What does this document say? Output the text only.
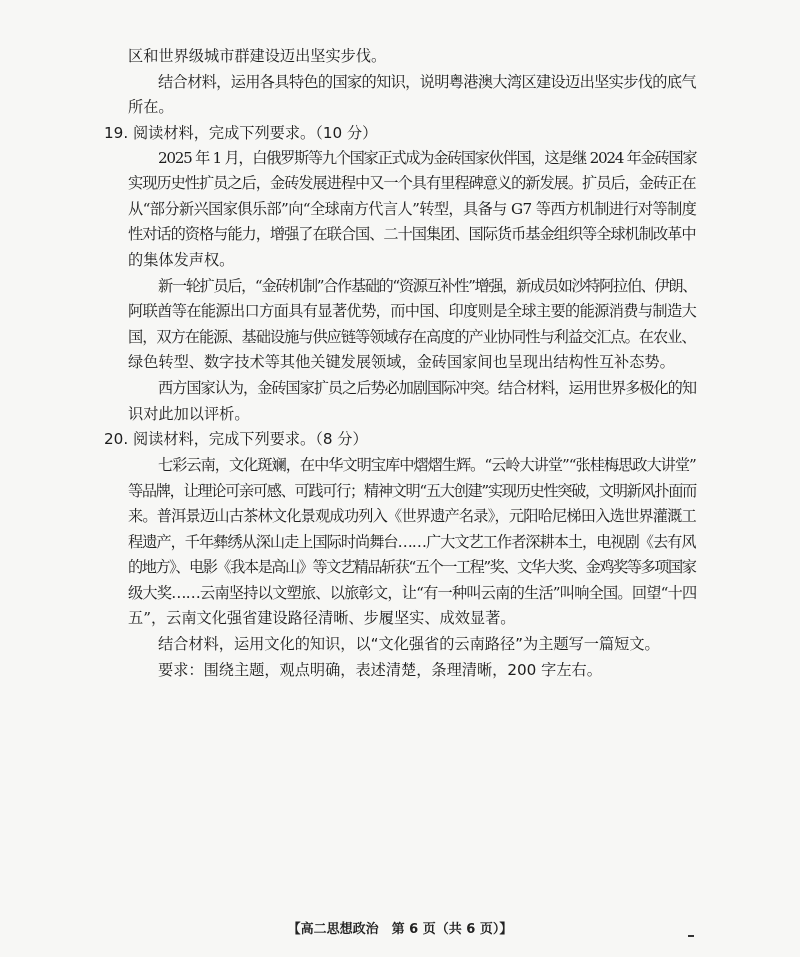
区和世界级城市群建设迈出坚实步伐。
结合材料，运用各具特色的国家的知识，说明粤港澳大湾区建设迈出坚实步伐的底气
所在。
19. 阅读材料，完成下列要求。（10 分）
2025 年 1 月，白俄罗斯等九个国家正式成为金砖国家伙伴国，这是继 2024 年金砖国家
实现历史性扩员之后，金砖发展进程中又一个具有里程碑意义的新发展。扩员后，金砖正在
从“部分新兴国家俱乐部”向“全球南方代言人”转型，具备与 G7 等西方机制进行对等制度
性对话的资格与能力，增强了在联合国、二十国集团、国际货币基金组织等全球机制改革中
的集体发声权。
新一轮扩员后，“金砖机制”合作基础的“资源互补性”增强，新成员如沙特阿拉伯、伊朗、
阿联酋等在能源出口方面具有显著优势，而中国、印度则是全球主要的能源消费与制造大
国，双方在能源、基础设施与供应链等领域存在高度的产业协同性与利益交汇点。在农业、
绿色转型、数字技术等其他关键发展领域，金砖国家间也呈现出结构性互补态势。
西方国家认为，金砖国家扩员之后势必加剧国际冲突。结合材料，运用世界多极化的知
识对此加以评析。
20. 阅读材料，完成下列要求。（8 分）
七彩云南，文化斑斓，在中华文明宝库中熠熠生辉。“云岭大讲堂”“张桂梅思政大讲堂”
等品牌，让理论可亲可感、可践可行；精神文明“五大创建”实现历史性突破，文明新风扑面而
来。普洱景迈山古茶林文化景观成功列入《世界遗产名录》，元阳哈尼梯田入选世界灌溉工
程遗产，千年彝绣从深山走上国际时尚舞台……广大文艺工作者深耕本土，电视剧《去有风
的地方》、电影《我本是高山》等文艺精品斩获“五个一工程”奖、文华大奖、金鸡奖等多项国家
级大奖……云南坚持以文塑旅、以旅彰文，让“有一种叫云南的生活”叫响全国。回望“十四
五”，云南文化强省建设路径清晰、步履坚实、成效显著。
结合材料，运用文化的知识，以“文化强省的云南路径”为主题写一篇短文。
要求：围绕主题，观点明确，表述清楚，条理清晰，200 字左右。
【高二思想政治　第 6 页（共 6 页）】
